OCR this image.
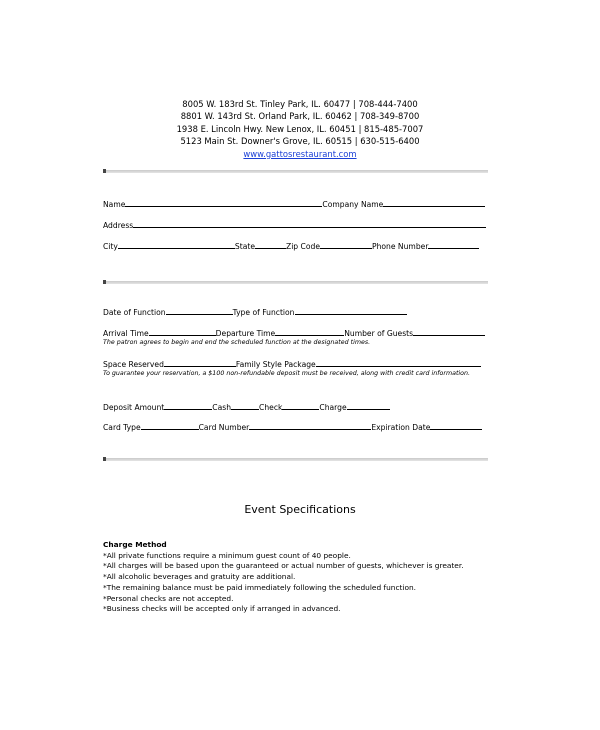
8005 W. 183rd St. Tinley Park, IL. 60477 | 708-444-7400
8801 W. 143rd St. Orland Park, IL. 60462 | 708-349-8700
1938 E. Lincoln Hwy. New Lenox, IL. 60451 | 815-485-7007
5123 Main St. Downer's Grove, IL. 60515 | 630-515-6400
www.gattosrestaurant.com
Name	Company Name
Address
City	State	Zip Code	Phone Number
Date of Function	Type of Function
Arrival Time	Departure Time	Number of Guests
The patron agrees to begin and end the scheduled function at the designated times.
Space Reserved	Family Style Package
To guarantee your reservation, a $100 non-refundable deposit must be received, along with credit card information.
Deposit Amount	Cash	Check	Charge
Card Type	Card Number	Expiration Date
Event Specifications
Charge Method
*All private functions require a minimum guest count of 40 people.
*All charges will be based upon the guaranteed or actual number of guests, whichever is greater.
*All alcoholic beverages and gratuity are additional.
*The remaining balance must be paid immediately following the scheduled function.
*Personal checks are not accepted.
*Business checks will be accepted only if arranged in advanced.
